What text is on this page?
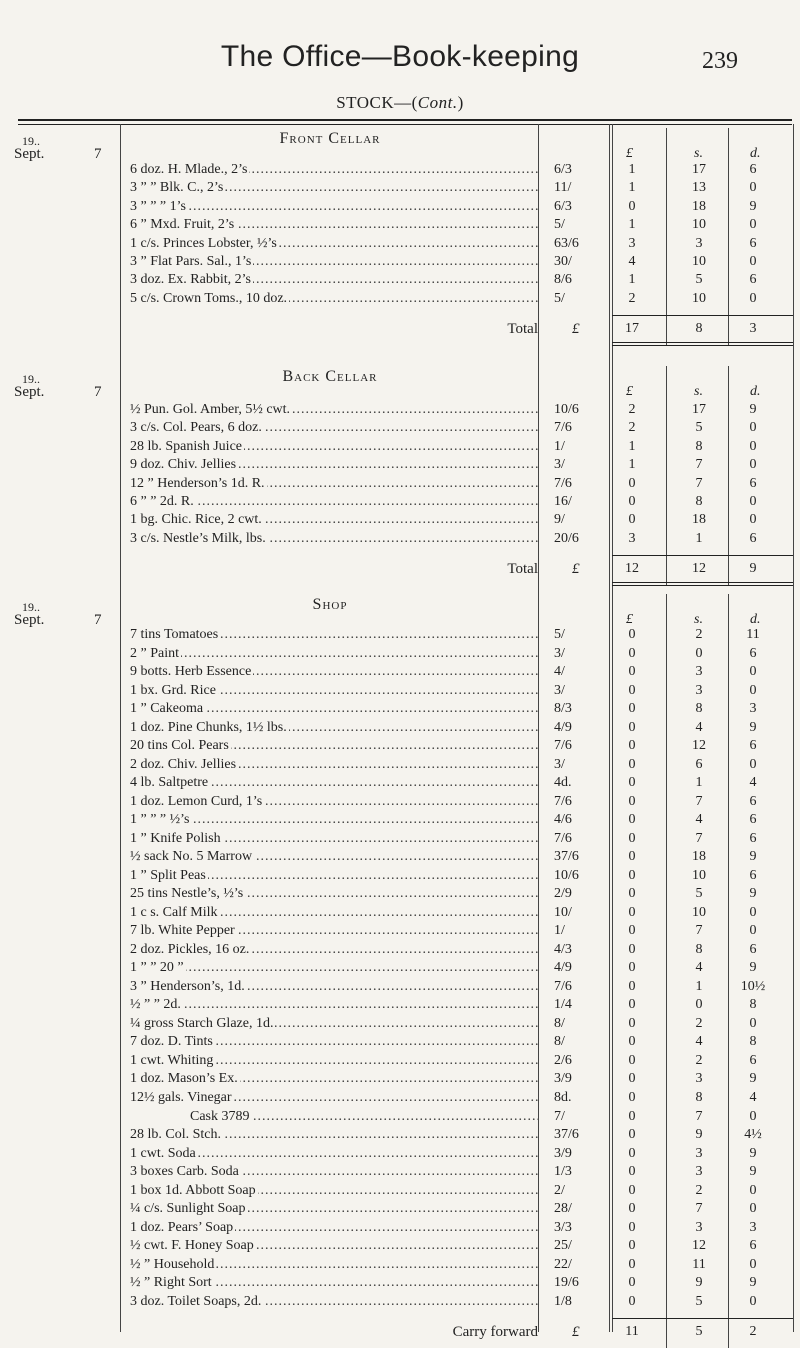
The Office—Book-keeping	239
STOCK—(Cont.)
19..
Sept.	7
Front Cellar
£	s.	d.
6 doz. H. Mlade., 2’s .....	6/3	1	17	6
3 ” ” Blk. C., 2’s .....	11/	1	13	0
3 ” ” ” 1’s .....	6/3	0	18	9
6 ” Mxd. Fruit, 2’s .....	5/	1	10	0
1 c/s. Princes Lobster, ½’s .....	63/6	3	3	6
3 ” Flat Pars. Sal., 1’s .....	30/	4	10	0
3 doz. Ex. Rabbit, 2’s .....	8/6	1	5	6
5 c/s. Crown Toms., 10 doz. .....	5/	2	10	0
Total £	17	8	3
19..
Sept.	7
Back Cellar
£	s.	d.
½ Pun. Gol. Amber, 5½ cwt. .....	10/6	2	17	9
3 c/s. Col. Pears, 6 doz. .....	7/6	2	5	0
28 lb. Spanish Juice .....	1/	1	8	0
9 doz. Chiv. Jellies .....	3/	1	7	0
12 ” Henderson’s 1d. R. .....	7/6	0	7	6
6 ” ” 2d. R. .....	16/	0	8	0
1 bg. Chic. Rice, 2 cwt. .....	9/	0	18	0
3 c/s. Nestle’s Milk, lbs. .....	20/6	3	1	6
Total £	12	12	9
19..
Sept.	7
Shop
£	s.	d.
7 tins Tomatoes .....	5/	0	2	11
2 ” Paint .....	3/	0	0	6
9 botts. Herb Essence .....	4/	0	3	0
1 bx. Grd. Rice .....	3/	0	3	0
1 ” Cakeoma .....	8/3	0	8	3
1 doz. Pine Chunks, 1½ lbs. .....	4/9	0	4	9
20 tins Col. Pears .....	7/6	0	12	6
2 doz. Chiv. Jellies .....	3/	0	6	0
4 lb. Saltpetre .....	4d.	0	1	4
1 doz. Lemon Curd, 1’s .....	7/6	0	7	6
1 ” ” ” ½’s .....	4/6	0	4	6
1 ” Knife Polish .....	7/6	0	7	6
½ sack No. 5 Marrow .....	37/6	0	18	9
1 ” Split Peas .....	10/6	0	10	6
25 tins Nestle’s, ½’s .....	2/9	0	5	9
1 c s. Calf Milk .....	10/	0	10	0
7 lb. White Pepper .....	1/	0	7	0
2 doz. Pickles, 16 oz. .....	4/3	0	8	6
1 ” ” 20 ” .....	4/9	0	4	9
3 ” Henderson’s, 1d. .....	7/6	0	1	10½
½ ” ” 2d. .....	1/4	0	0	8
¼ gross Starch Glaze, 1d. .....	8/	0	2	0
7 doz. D. Tints .....	8/	0	4	8
1 cwt. Whiting .....	2/6	0	2	6
1 doz. Mason’s Ex. .....	3/9	0	3	9
12½ gals. Vinegar .....	8d.	0	8	4
Cask 3789 .....	7/	0	7	0
28 lb. Col. Stch. .....	37/6	0	9	4½
1 cwt. Soda .....	3/9	0	3	9
3 boxes Carb. Soda .....	1/3	0	3	9
1 box 1d. Abbott Soap .....	2/	0	2	0
¼ c/s. Sunlight Soap .....	28/	0	7	0
1 doz. Pears’ Soap .....	3/3	0	3	3
½ cwt. F. Honey Soap .....	25/	0	12	6
½ ” Household .....	22/	0	11	0
½ ” Right Sort .....	19/6	0	9	9
3 doz. Toilet Soaps, 2d. .....	1/8	0	5	0
Carry forward £	11	5	2
